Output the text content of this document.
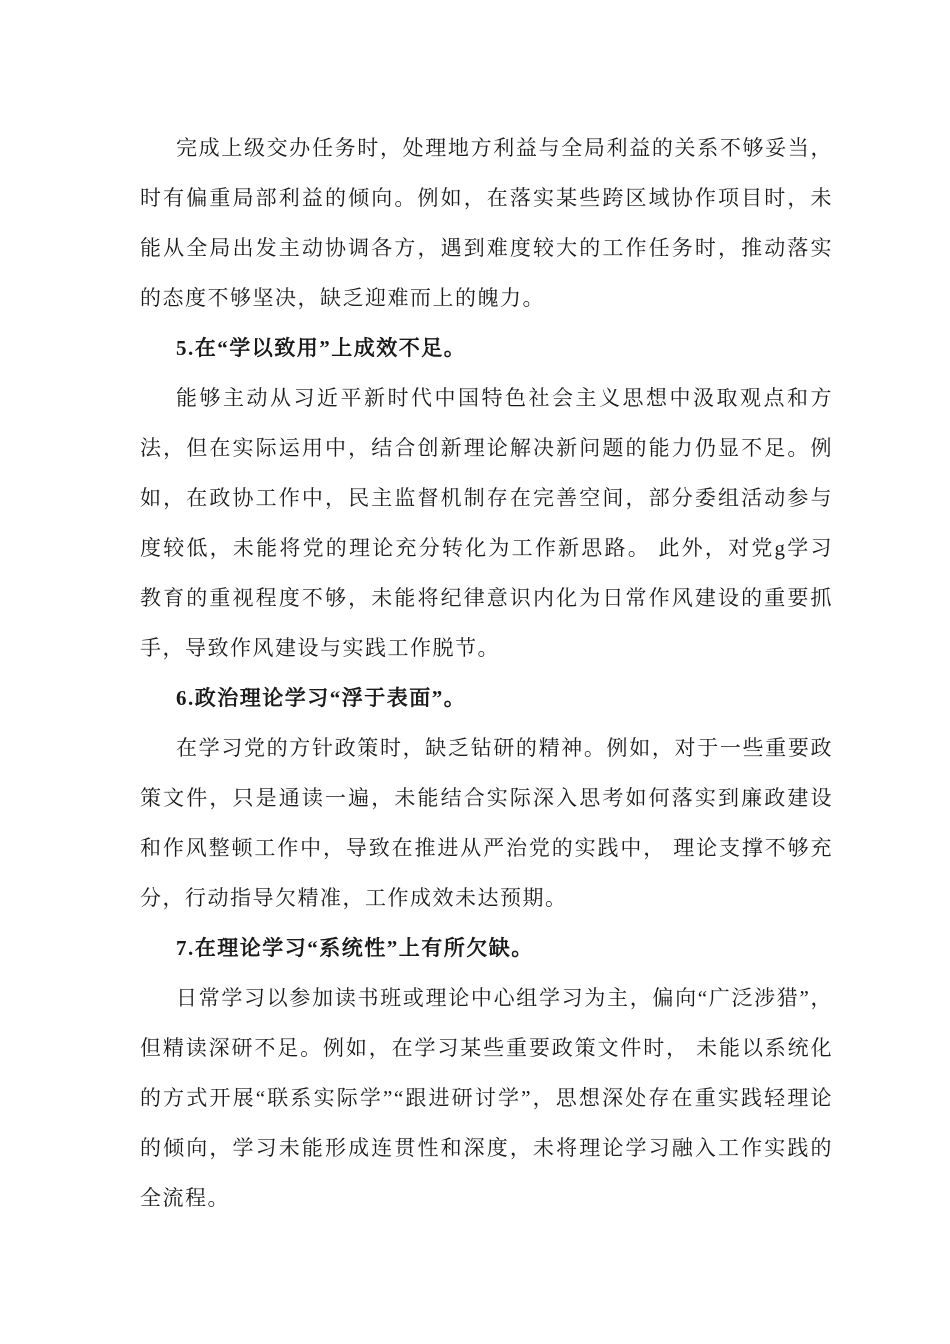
完成上级交办任务时，处理地方利益与全局利益的关系不够妥当，时有偏重局部利益的倾向。例如，在落实某些跨区域协作项目时，未能从全局出发主动协调各方，遇到难度较大的工作任务时，推动落实的态度不够坚决，缺乏迎难而上的魄力。

5.在“学以致用”上成效不足。

能够主动从习近平新时代中国特色社会主义思想中汲取观点和方法，但在实际运用中，结合创新理论解决新问题的能力仍显不足。例如，在政协工作中，民主监督机制存在完善空间，部分委组活动参与度较低，未能将党的理论充分转化为工作新思路。 此外，对党g学习教育的重视程度不够，未能将纪律意识内化为日常作风建设的重要抓手，导致作风建设与实践工作脱节。

6.政治理论学习“浮于表面”。

在学习党的方针政策时，缺乏钻研的精神。例如，对于一些重要政策文件，只是通读一遍，未能结合实际深入思考如何落实到廉政建设和作风整顿工作中，导致在推进从严治党的实践中， 理论支撑不够充分，行动指导欠精准，工作成效未达预期。

7.在理论学习“系统性”上有所欠缺。

日常学习以参加读书班或理论中心组学习为主，偏向“广泛涉猎”，但精读深研不足。例如，在学习某些重要政策文件时， 未能以系统化的方式开展“联系实际学”“跟进研讨学”，思想深处存在重实践轻理论的倾向，学习未能形成连贯性和深度，未将理论学习融入工作实践的全流程。
